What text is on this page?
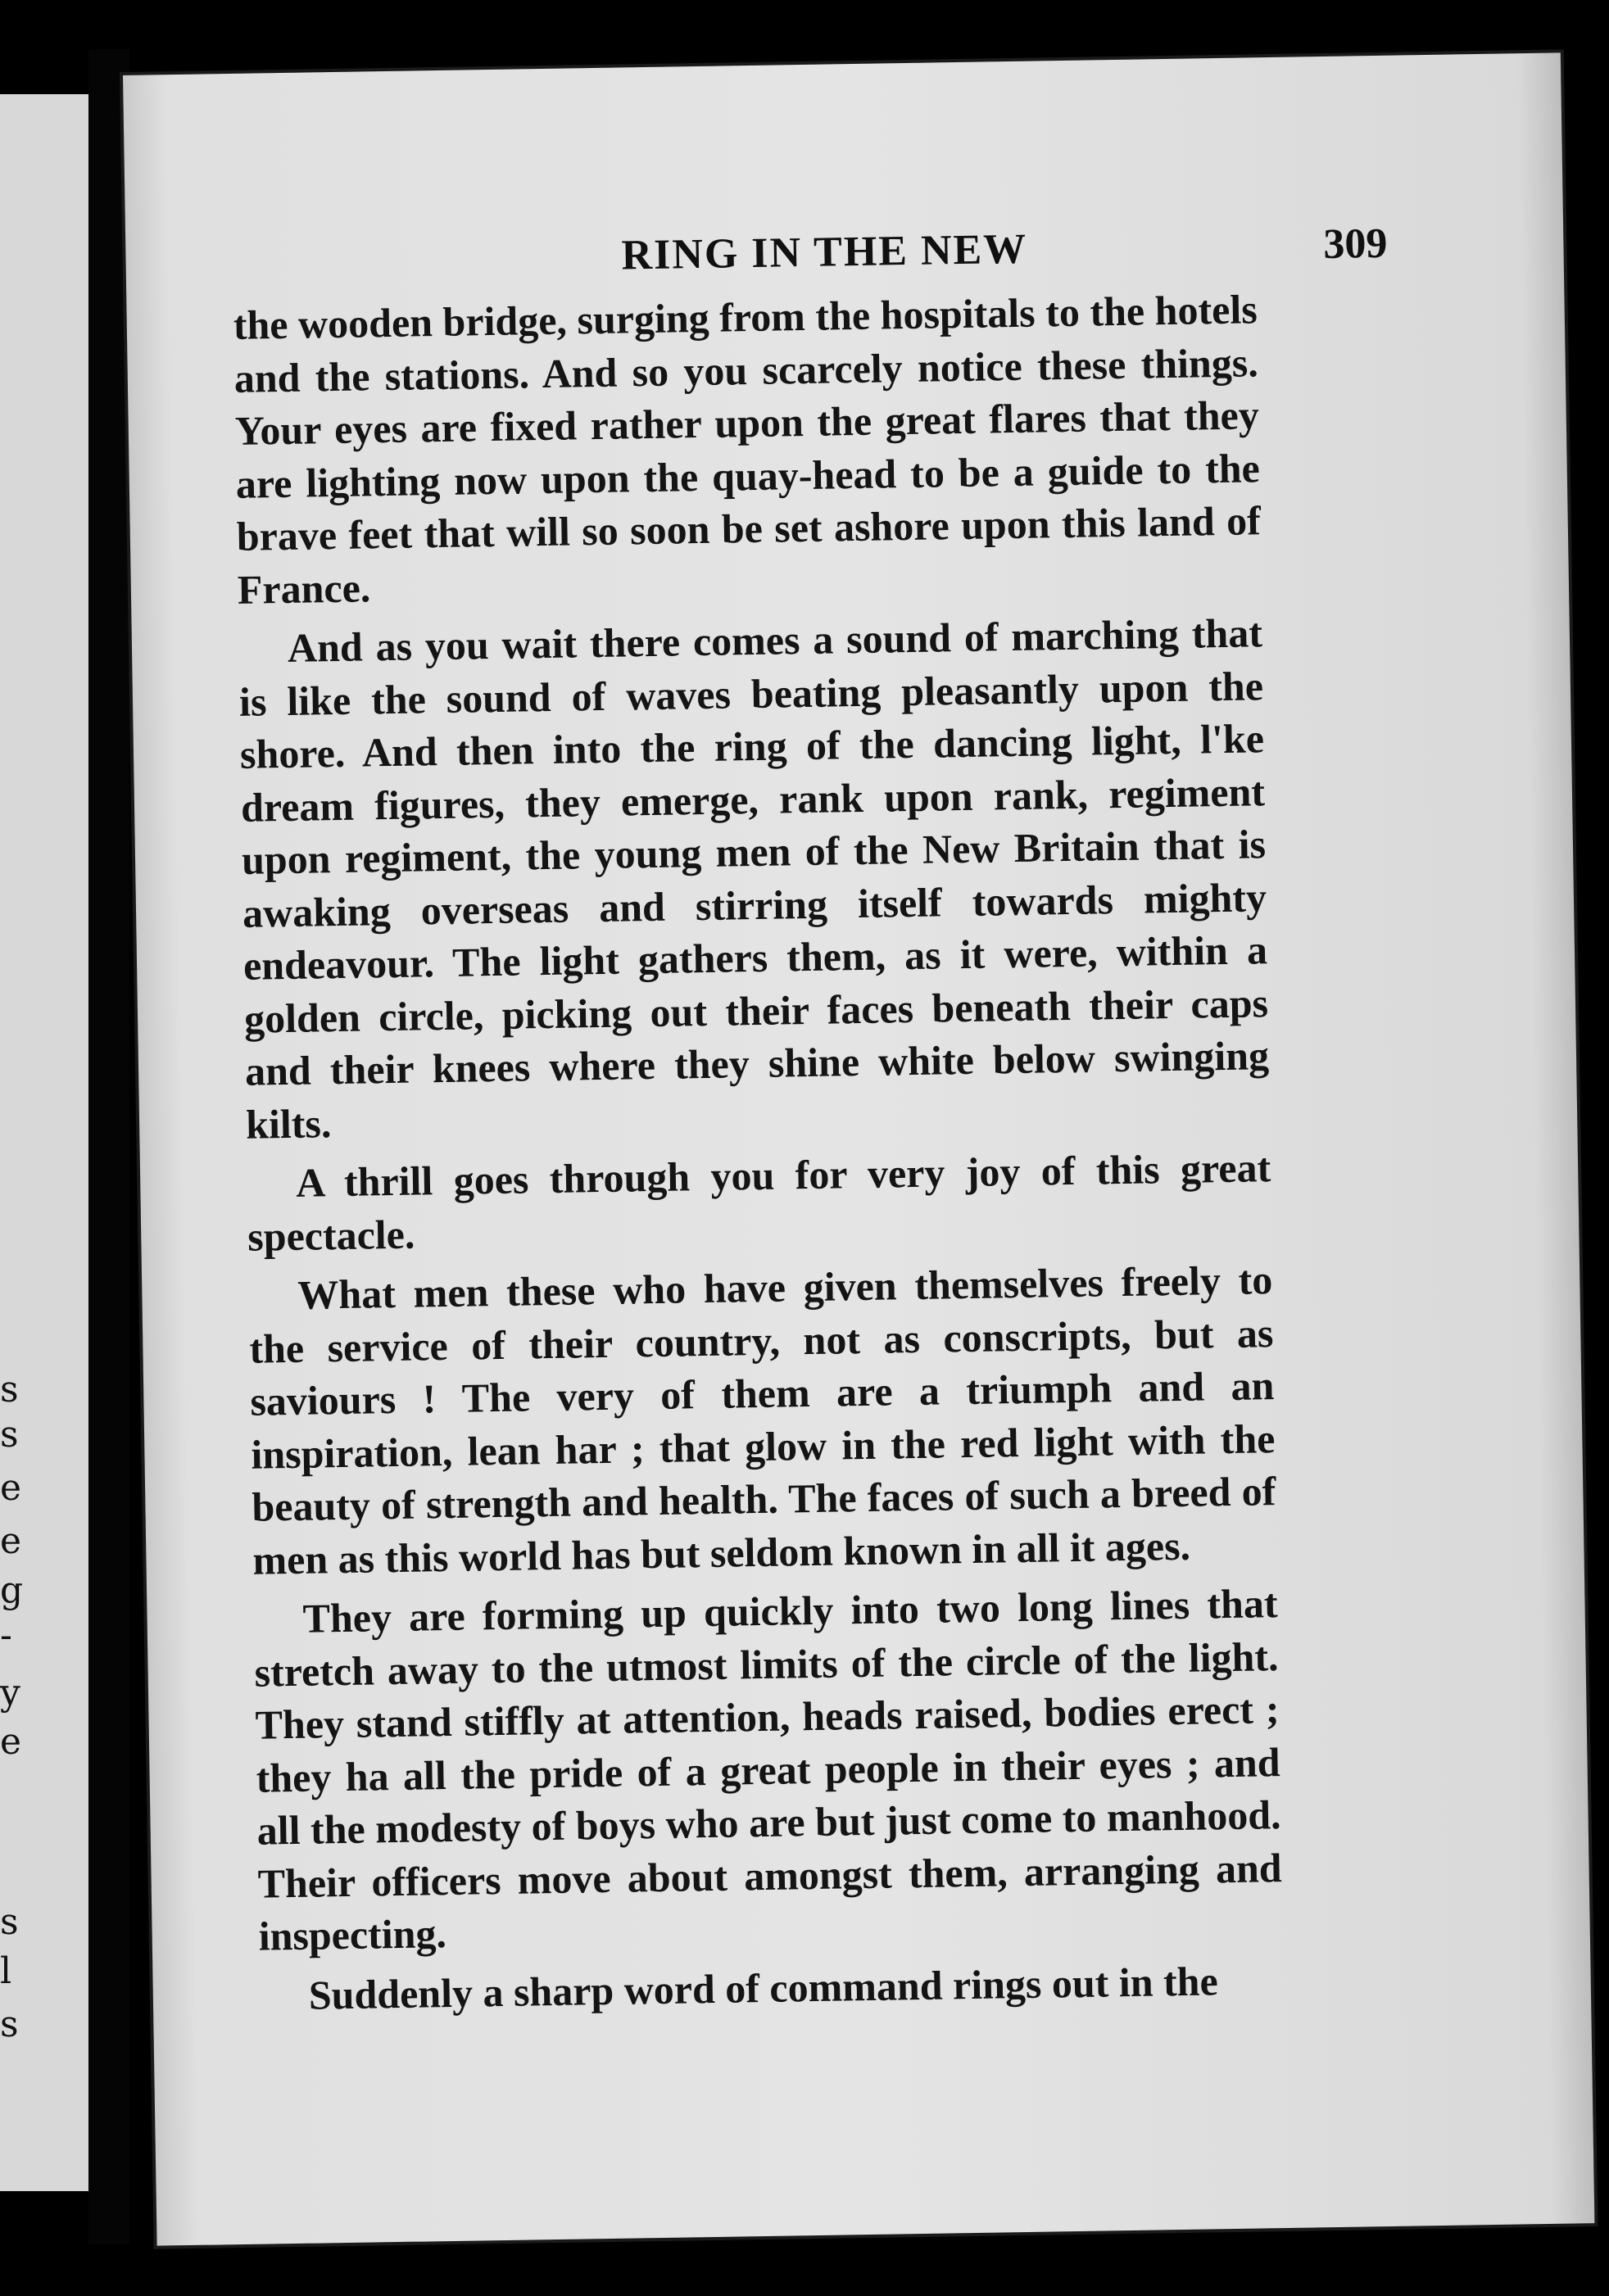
s
s
e
e
g
-
y
e
s
l
s
RING IN THE NEW	309

the wooden bridge, surging from the hospitals to the hotels and the stations. And so you scarcely notice these things. Your eyes are fixed rather upon the great flares that they are lighting now upon the quay-head to be a guide to the brave feet that will so soon be set ashore upon this land of France.

And as you wait there comes a sound of marching that is like the sound of waves beating pleasantly upon the shore. And then into the ring of the dancing light, l'ke dream figures, they emerge, rank upon rank, regiment upon regiment, the young men of the New Britain that is awaking overseas and stirring itself towards mighty endeavour. The light gathers them, as it were, within a golden circle, picking out their faces beneath their caps and their knees where they shine white below swinging kilts.

A thrill goes through you for very joy of this great spectacle.

What men these who have given themselves freely to the service of their country, not as conscripts, but as saviours ! The very of them are a triumph and an inspiration, lean har ; that glow in the red light with the beauty of strength and health. The faces of such a breed of men as this world has but seldom known in all it ages.

They are forming up quickly into two long lines that stretch away to the utmost limits of the circle of the light. They stand stiffly at attention, heads raised, bodies erect ; they ha all the pride of a great people in their eyes ; and all the modesty of boys who are but just come to manhood. Their officers move about amongst them, arranging and inspecting.

Suddenly a sharp word of command rings out in the
